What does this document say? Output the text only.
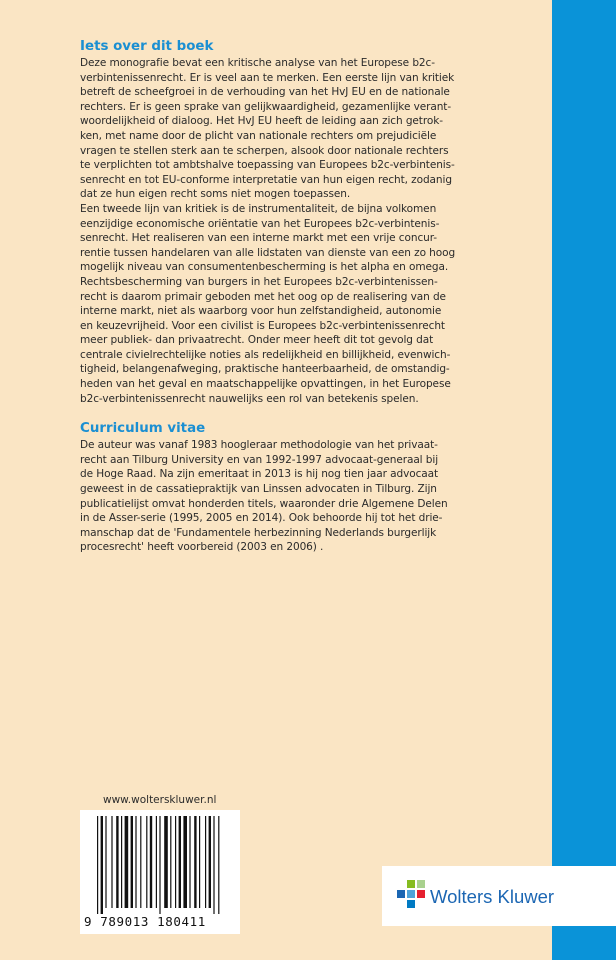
Iets over dit boek
Deze monografie bevat een kritische analyse van het Europese b2c-
verbintenissenrecht. Er is veel aan te merken. Een eerste lijn van kritiek
betreft de scheefgroei in de verhouding van het HvJ EU en de nationale
rechters. Er is geen sprake van gelijkwaardigheid, gezamenlijke verant-
woordelijkheid of dialoog. Het HvJ EU heeft de leiding aan zich getrok-
ken, met name door de plicht van nationale rechters om prejudiciële
vragen te stellen sterk aan te scherpen, alsook door nationale rechters
te verplichten tot ambtshalve toepassing van Europees b2c-verbintenis-
senrecht en tot EU-conforme interpretatie van hun eigen recht, zodanig
dat ze hun eigen recht soms niet mogen toepassen.
Een tweede lijn van kritiek is de instrumentaliteit, de bijna volkomen
eenzijdige economische oriëntatie van het Europees b2c-verbintenis-
senrecht. Het realiseren van een interne markt met een vrije concur-
rentie tussen handelaren van alle lidstaten van dienste van een zo hoog
mogelijk niveau van consumentenbescherming is het alpha en omega.
Rechtsbescherming van burgers in het Europees b2c-verbintenissen-
recht is daarom primair geboden met het oog op de realisering van de
interne markt, niet als waarborg voor hun zelfstandigheid, autonomie
en keuzevrijheid. Voor een civilist is Europees b2c-verbintenissenrecht
meer publiek- dan privaatrecht. Onder meer heeft dit tot gevolg dat
centrale civielrechtelijke noties als redelijkheid en billijkheid, evenwich-
tigheid, belangenafweging, praktische hanteerbaarheid, de omstandig-
heden van het geval en maatschappelijke opvattingen, in het Europese
b2c-verbintenissenrecht nauwelijks een rol van betekenis spelen.
Curriculum vitae
De auteur was vanaf 1983 hoogleraar methodologie van het privaat-
recht aan Tilburg University en van 1992-1997 advocaat-generaal bij
de Hoge Raad. Na zijn emeritaat in 2013 is hij nog tien jaar advocaat
geweest in de cassatiepraktijk van Linssen advocaten in Tilburg. Zijn
publicatielijst omvat honderden titels, waaronder drie Algemene Delen
in de Asser-serie (1995, 2005 en 2014). Ook behoorde hij tot het drie-
manschap dat de 'Fundamentele herbezinning Nederlands burgerlijk
procesrecht' heeft voorbereid (2003 en 2006) .
www.wolterskluwer.nl
9 789013 180411
Wolters Kluwer
